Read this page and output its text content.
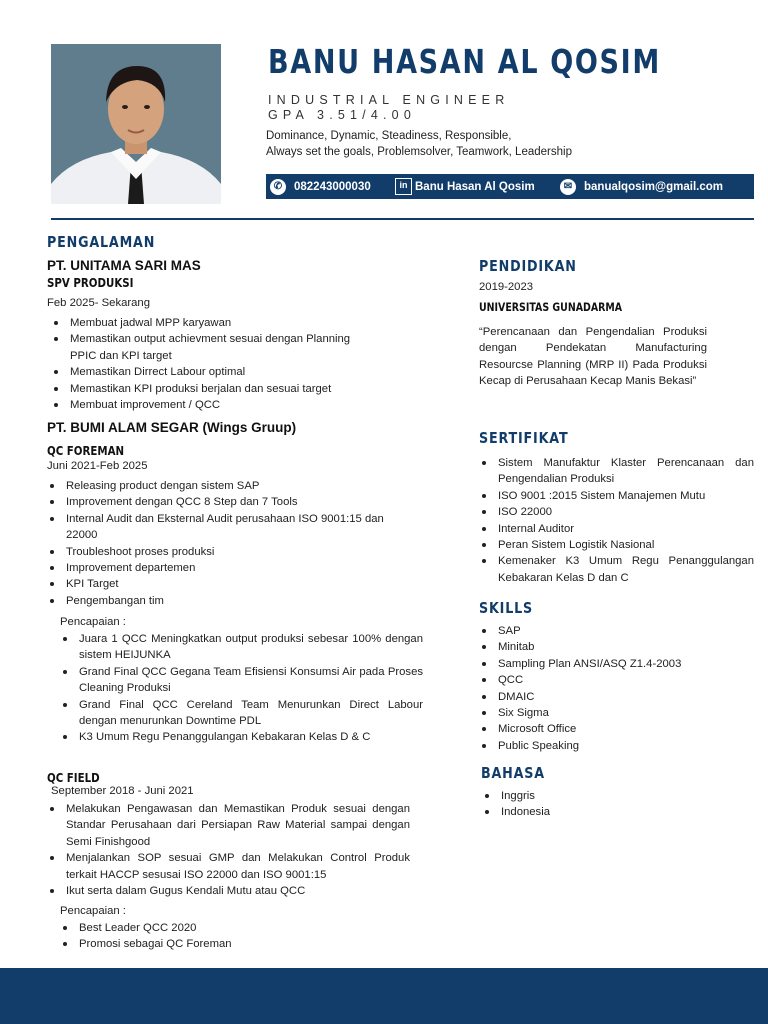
BANU HASAN AL QOSIM
INDUSTRIAL ENGINEER
GPA 3.51/4.00
Dominance, Dynamic, Steadiness, Responsible,
Always set the goals, Problemsolver, Teamwork, Leadership
✆	082243000030	in Banu Hasan Al Qosim	✉	banualqosim@gmail.com
PENGALAMAN
PT. UNITAMA SARI MAS
SPV PRODUKSI
Feb 2025- Sekarang
Membuat jadwal MPP karyawan
Memastikan output achievment sesuai dengan Planning
PPIC dan KPI target
Memastikan Dirrect Labour optimal
Memastikan KPI produksi berjalan dan sesuai target
Membuat improvement / QCC
PT. BUMI ALAM SEGAR (Wings Gruup)
QC FOREMAN
Juni 2021-Feb 2025
Releasing product dengan sistem SAP
Improvement dengan QCC 8 Step dan 7 Tools
Internal Audit dan Eksternal Audit perusahaan ISO 9001:15 dan 22000
Troubleshoot proses produksi
Improvement departemen
KPI Target
Pengembangan tim
Pencapaian :
Juara 1 QCC Meningkatkan output produksi sebesar 100% dengan sistem HEIJUNKA
Grand Final QCC Gegana Team Efisiensi Konsumsi Air pada Proses Cleaning Produksi
Grand Final QCC Cereland Team Menurunkan Direct Labour dengan menurunkan Downtime PDL
K3 Umum Regu Penanggulangan Kebakaran Kelas D & C
QC FIELD
September 2018 - Juni 2021
Melakukan Pengawasan dan Memastikan Produk sesuai dengan Standar Perusahaan dari Persiapan Raw Material sampai dengan Semi Finishgood
Menjalankan SOP sesuai GMP dan Melakukan Control Produk terkait HACCP sesusai ISO 22000 dan ISO 9001:15
Ikut serta dalam Gugus Kendali Mutu atau QCC
Pencapaian :
Best Leader QCC 2020
Promosi sebagai QC Foreman
PENDIDIKAN
2019-2023
UNIVERSITAS GUNADARMA
“Perencanaan dan Pengendalian Produksi dengan Pendekatan Manufacturing Resourcse Planning (MRP II) Pada Produksi Kecap di Perusahaan Kecap Manis Bekasi”
SERTIFIKAT
Sistem Manufaktur Klaster Perencanaan dan Pengendalian Produksi
ISO 9001 :2015 Sistem Manajemen Mutu
ISO 22000
Internal Auditor
Peran Sistem Logistik Nasional
Kemenaker K3 Umum Regu Penanggulangan Kebakaran Kelas D dan C
SKILLS
SAP
Minitab
Sampling Plan ANSI/ASQ Z1.4-2003
QCC
DMAIC
Six Sigma
Microsoft Office
Public Speaking
BAHASA
Inggris
Indonesia
